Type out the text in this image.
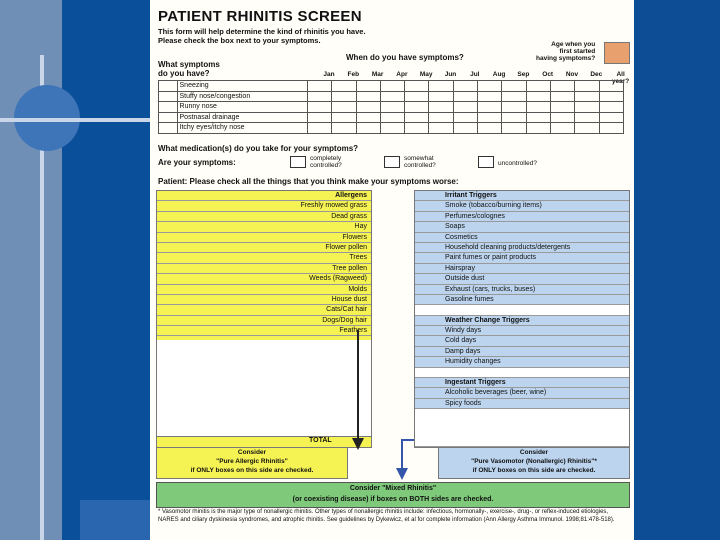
PATIENT RHINITIS SCREEN
This form will help determine the kind of rhinitis you have.
Please check the box next to your symptoms.	Age when you
first started
having symptoms?
When do you have symptoms?
What symptoms
do you have?	Jan	Feb	Mar	Apr	May	Jun	Jul	Aug	Sep	Oct	Nov	Dec	All year?
	Sneezing													
	Stuffy nose/congestion													
	Runny nose													
	Postnasal drainage													
	Itchy eyes/itchy nose													
What medication(s) do you take for your symptoms?
Are your symptoms:	completely controlled?
somewhat controlled?	uncontrolled?
Patient: Please check all the things that you think make your symptoms worse:
Allergens
Freshly mowed grass
Dead grass
Hay
Flowers
Flower pollen
Trees
Tree pollen
Weeds (Ragweed)
Molds
House dust
Cats/Cat hair
Dogs/Dog hair
Feathers
TOTAL
Consider
"Pure Allergic Rhinitis"
if ONLY boxes on this side are checked.
Irritant Triggers
Smoke (tobacco/burning items)
Perfumes/colognes
Soaps
Cosmetics
Household cleaning products/detergents
Paint fumes or paint products
Hairspray
Outside dust
Exhaust (cars, trucks, buses)
Gasoline fumes
Weather Change Triggers
Windy days
Cold days
Damp days
Humidity changes
Ingestant Triggers
Alcoholic beverages (beer, wine)
Spicy foods
Consider
"Pure Vasomotor (Nonallergic) Rhinitis"*
if ONLY boxes on this side are checked.
Consider "Mixed Rhinitis"
(or coexisting disease) if boxes on BOTH sides are checked.
* Vasomotor rhinitis is the major type of nonallergic rhinitis. Other types of nonallergic rhinitis include: infectious, hormonally-, exercise-, drug-, or reflex-induced etiologies, NARES and ciliary dyskinesia syndromes, and atrophic rhinitis. See guidelines by Dykewicz, et al for complete information (Ann Allergy Asthma Immunol. 1998;81:478-518).
